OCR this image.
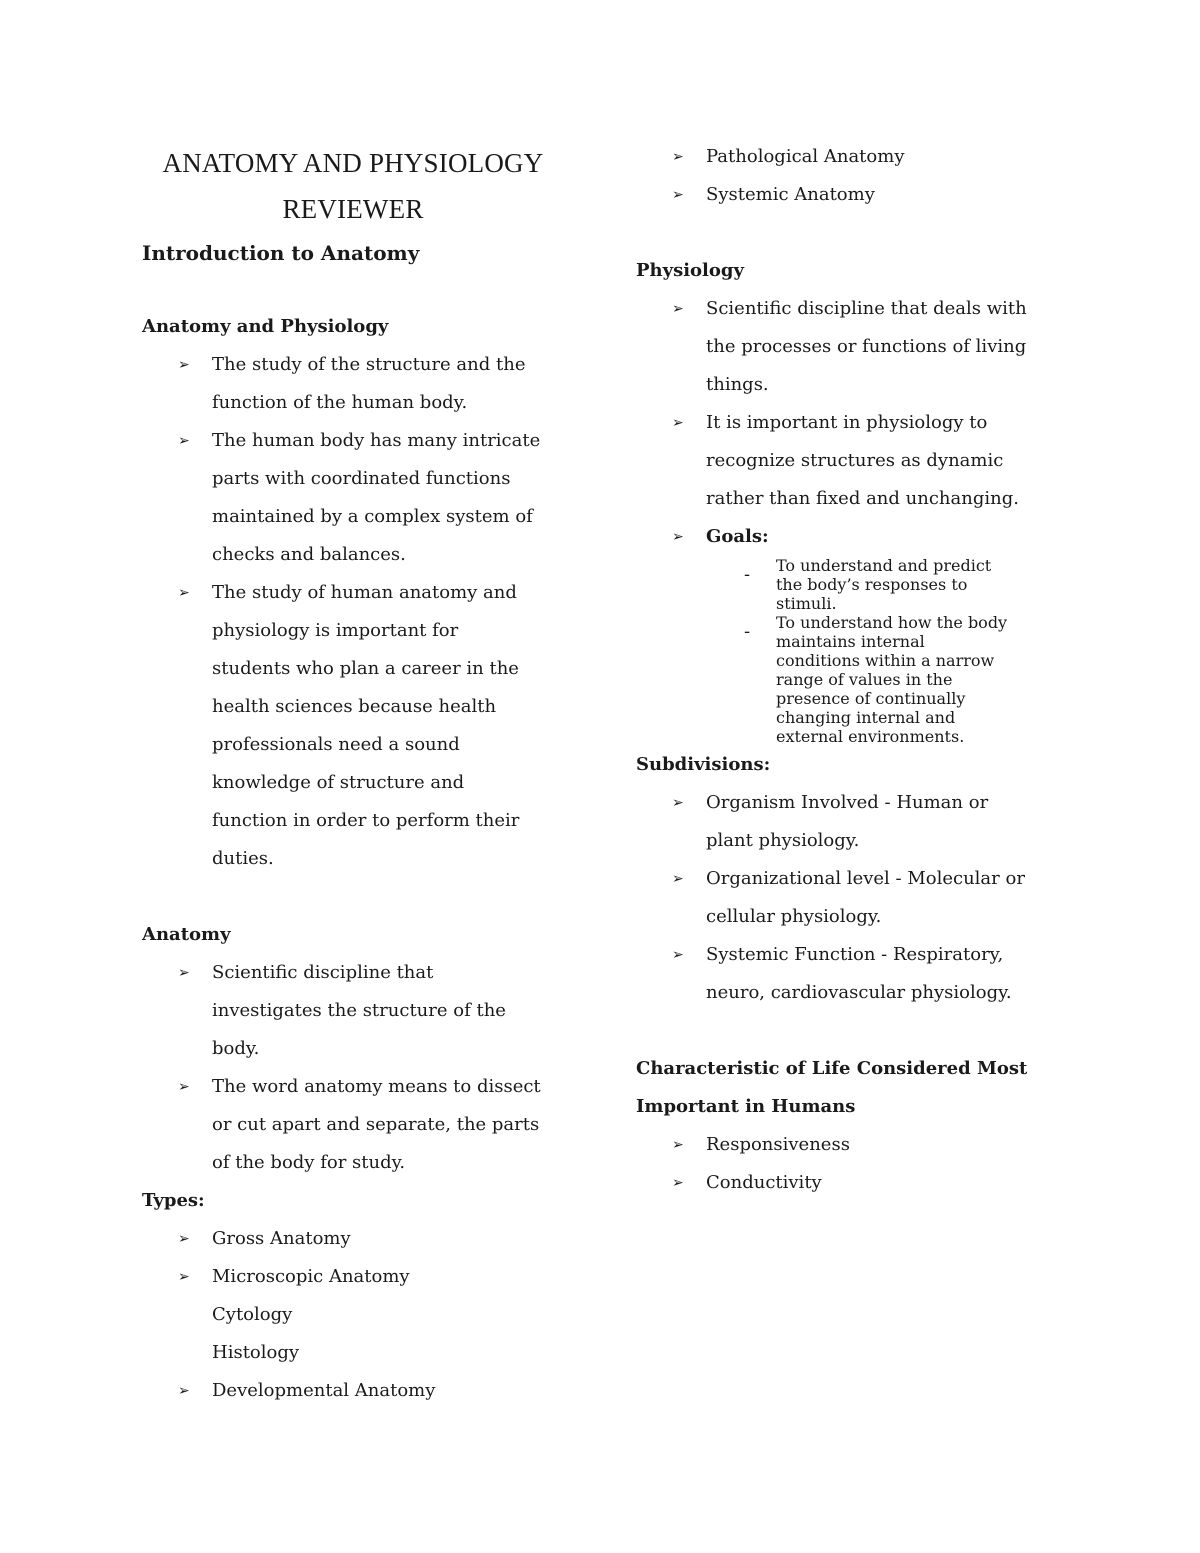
ANATOMY AND PHYSIOLOGY
REVIEWER
Introduction to Anatomy
Anatomy and Physiology
➢ The study of the structure and the
function of the human body.
➢ The human body has many intricate
parts with coordinated functions
maintained by a complex system of
checks and balances.
➢ The study of human anatomy and
physiology is important for
students who plan a career in the
health sciences because health
professionals need a sound
knowledge of structure and
function in order to perform their
duties.
Anatomy
➢ Scientific discipline that
investigates the structure of the
body.
➢ The word anatomy means to dissect
or cut apart and separate, the parts
of the body for study.
Types:
➢ Gross Anatomy
➢ Microscopic Anatomy
Cytology
Histology
➢ Developmental Anatomy
➢ Pathological Anatomy
➢ Systemic Anatomy
Physiology
➢ Scientific discipline that deals with
the processes or functions of living
things.
➢ It is important in physiology to
recognize structures as dynamic
rather than fixed and unchanging.
➢ Goals:
- To understand and predict
the body’s responses to
stimuli.
- To understand how the body
maintains internal
conditions within a narrow
range of values in the
presence of continually
changing internal and
external environments.
Subdivisions:
➢ Organism Involved - Human or
plant physiology.
➢ Organizational level - Molecular or
cellular physiology.
➢ Systemic Function - Respiratory,
neuro, cardiovascular physiology.
Characteristic of Life Considered Most
Important in Humans
➢ Responsiveness
➢ Conductivity
